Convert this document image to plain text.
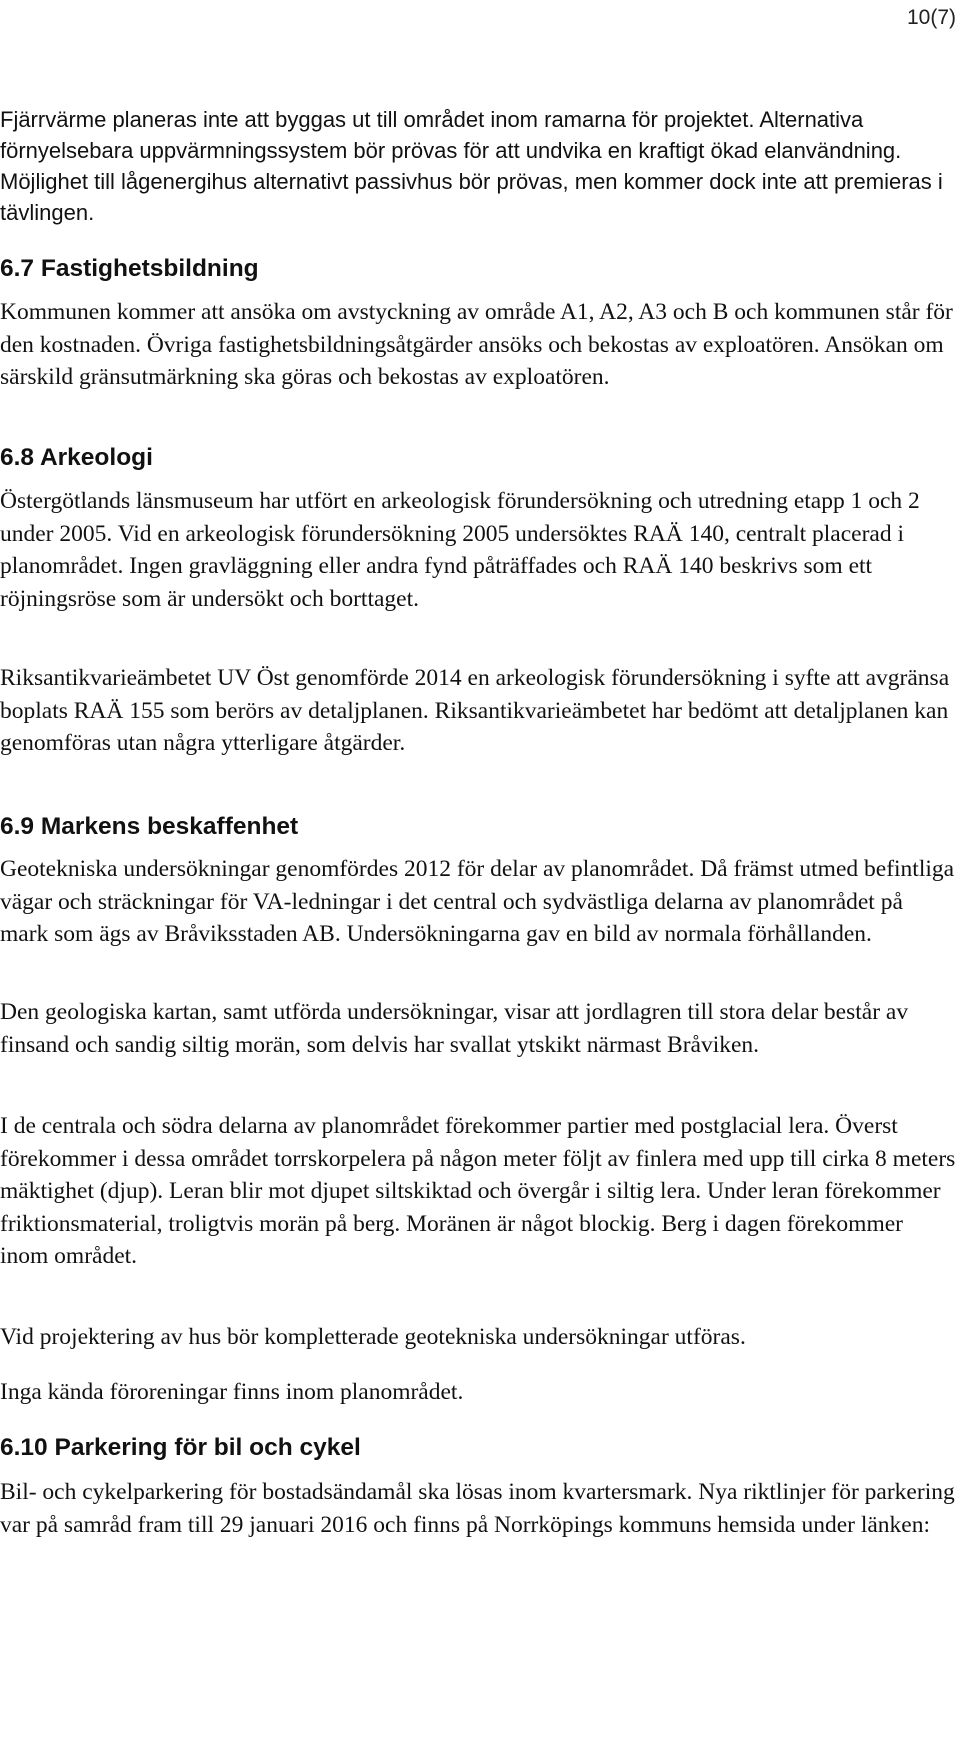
10(7)

Fjärrvärme planeras inte att byggas ut till området inom ramarna för projektet. Alternativa förnyelsebara uppvärmningssystem bör prövas för att undvika en kraftigt ökad elanvändning. Möjlighet till lågenergihus alternativt passivhus bör prövas, men kommer dock inte att premieras i tävlingen.

6.7 Fastighetsbildning

Kommunen kommer att ansöka om avstyckning av område A1, A2, A3 och B och kommunen står för den kostnaden. Övriga fastighetsbildningsåtgärder ansöks och bekostas av exploatören. Ansökan om särskild gränsutmärkning ska göras och bekostas av exploatören.

6.8 Arkeologi

Östergötlands länsmuseum har utfört en arkeologisk förundersökning och utredning etapp 1 och 2 under 2005. Vid en arkeologisk förundersökning 2005 undersöktes RAÄ 140, centralt placerad i planområdet. Ingen gravläggning eller andra fynd påträffades och RAÄ 140 beskrivs som ett röjningsröse som är undersökt och borttaget.

Riksantikvarieämbetet UV Öst genomförde 2014 en arkeologisk förundersökning i syfte att avgränsa boplats RAÄ 155 som berörs av detaljplanen. Riksantikvarieämbetet har bedömt att detaljplanen kan genomföras utan några ytterligare åtgärder.

6.9 Markens beskaffenhet

Geotekniska undersökningar genomfördes 2012 för delar av planområdet. Då främst utmed befintliga vägar och sträckningar för VA-ledningar i det central och sydvästliga delarna av planområdet på mark som ägs av Bråviksstaden AB. Undersökningarna gav en bild av normala förhållanden.

Den geologiska kartan, samt utförda undersökningar, visar att jordlagren till stora delar består av finsand och sandig siltig morän, som delvis har svallat ytskikt närmast Bråviken.

I de centrala och södra delarna av planområdet förekommer partier med postglacial lera. Överst förekommer i dessa området torrskorpelera på någon meter följt av finlera med upp till cirka 8 meters mäktighet (djup). Leran blir mot djupet siltskiktad och övergår i siltig lera. Under leran förekommer friktionsmaterial, troligtvis morän på berg. Moränen är något blockig. Berg i dagen förekommer inom området.

Vid projektering av hus bör kompletterade geotekniska undersökningar utföras.

Inga kända föroreningar finns inom planområdet.

6.10 Parkering för bil och cykel

Bil- och cykelparkering för bostadsändamål ska lösas inom kvartersmark. Nya riktlinjer för parkering var på samråd fram till 29 januari 2016 och finns på Norrköpings kommuns hemsida under länken:
